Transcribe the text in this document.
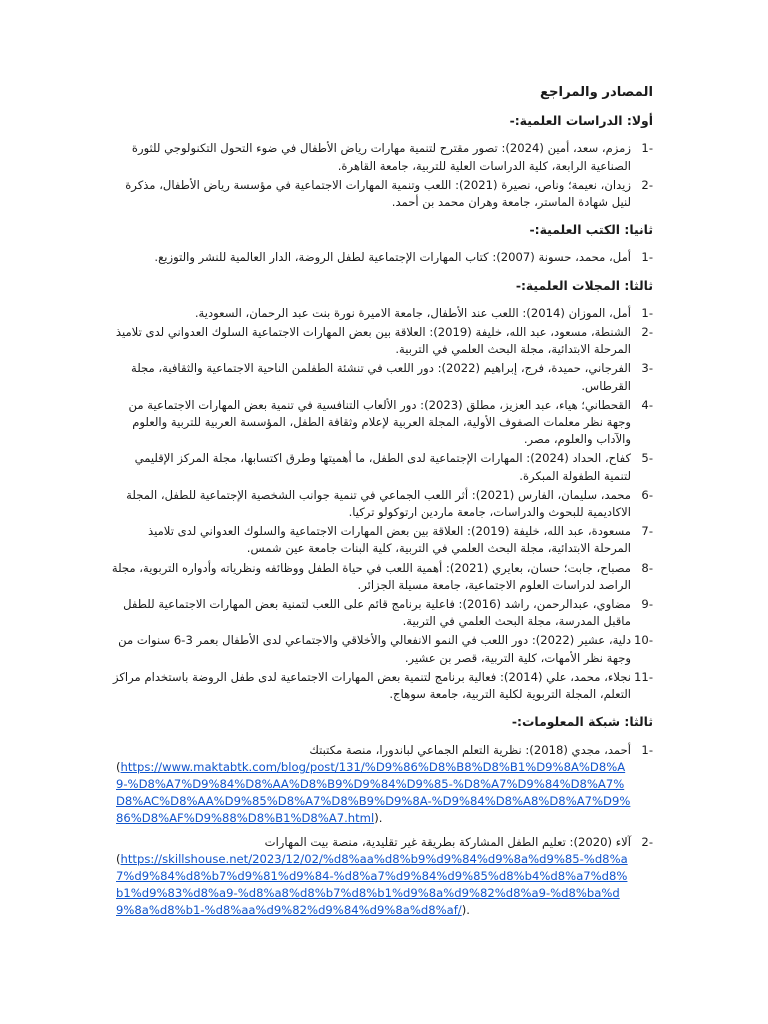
المصادر والمراجع
أولا: الدراسات العلمية:-
-1
زمزم، سعد، أمين (2024): تصور مقترح لتنمية مهارات رياض الأطفال في ضوء التحول التكنولوجي للثورة الصناعية الرابعة، كلية الدراسات العلية للتربية، جامعة القاهرة.
-2
زيدان، نعيمة؛ وناص، نصيرة (2021): اللعب وتنمية المهارات الاجتماعية في مؤسسة رياض الأطفال، مذكرة لنيل شهادة الماستر، جامعة وهران محمد بن أحمد.
ثانيا: الكتب العلمية:-
-1
أمل، محمد، حسونة (2007): كتاب المهارات الإجتماعية لطفل الروضة، الدار العالمية للنشر والتوزيع.
ثالثا: المجلات العلمية:-
-1
أمل، الموزان (2014): اللعب عند الأطفال، جامعة الاميرة نورة بنت عبد الرحمان، السعودية.
-2
الشنطة، مسعود، عبد الله، خليفة (2019): العلاقة بين بعض المهارات الاجتماعية السلوك العدواني لدى تلاميذ المرحلة الابتدائية، مجلة البحث العلمي في التربية.
-3
الفرجاني، حميدة، فرج، إبراهيم (2022): دور اللعب في تنشئة الطفلمن الناحية الاجتماعية والثقافية، مجلة القرطاس.
-4
القحطاني؛ هياء، عبد العزيز، مطلق (2023): دور الألعاب التنافسية في تنمية بعض المهارات الاجتماعية من وجهة نظر معلمات الصفوف الأولية، المجلة العربية لإعلام وثقافة الطفل، المؤسسة العربية للتربية والعلوم والآداب والعلوم، مصر.
-5
كفاح، الحداد (2024): المهارات الإجتماعية لدى الطفل، ما أهميتها وطرق اكتسابها، مجلة المركز الإقليمي لتنمية الطفولة المبكرة.
-6
محمد، سليمان، الفارس (2021): أثر اللعب الجماعي في تنمية جوانب الشخصية الإجتماعية للطفل، المجلة الاكاديمية للبحوث والدراسات، جامعة ماردين ارتوكولو تركيا.
-7
مسعودة، عبد الله، خليفة (2019): العلاقة بين بعض المهارات الاجتماعية والسلوك العدواني لدى تلاميذ المرحلة الابتدائية، مجلة البحث العلمي في التربية، كلية البنات جامعة عين شمس.
-8
مصباح، جابت؛ حسان، بعايري (2021): أهمية اللعب في حياة الطفل ووظائفه ونظرياته وأدواره التربوية، مجلة الراصد لدراسات العلوم الاجتماعية، جامعة مسيلة الجزائر.
-9
مضاوي، عبدالرحمن، راشد (2016): فاعلية برنامج قائم على اللعب لتمنية بعض المهارات الاجتماعية للطفل ماقبل المدرسة، مجلة البحث العلمي في التربية.
-10
دلية، عشير (2022): دور اللعب في النمو الانفعالي والأخلاقي والاجتماعي لدى الأطفال بعمر 3-6 سنوات من وجهة نظر الأمهات، كلية التربية، قصر بن عشير.
-11
نجلاء، محمد، علي (2014): فعالية برنامج لتنمية بعض المهارات الاجتماعية لدى طفل الروضة باستخدام مراكز التعلم، المجلة التربوية لكلية التربية، جامعة سوهاج.
ثالثا: شبكة المعلومات:-
-1
أحمد، مجدي (2018): نظرية التعلم الجماعي لباندورا، منصة مكتبتك
(https://www.maktabtk.com/blog/post/131/%D9%86%D8%B8%D8%B1%D9%8A%D8%A9-%D8%A7%D9%84%D8%AA%D8%B9%D9%84%D9%85-%D8%A7%D9%84%D8%A7%D8%AC%D8%AA%D9%85%D8%A7%D8%B9%D9%8A-%D9%84%D8%A8%D8%A7%D9%86%D8%AF%D9%88%D8%B1%D8%A7.html).
-2
آلاء (2020): تعليم الطفل المشاركة بطريقة غير تقليدية، منصة بيت المهارات
(https://skillshouse.net/2023/12/02/%d8%aa%d8%b9%d9%84%d9%8a%d9%85-%d8%a7%d9%84%d8%b7%d9%81%d9%84-%d8%a7%d9%84%d9%85%d8%b4%d8%a7%d8%b1%d9%83%d8%a9-%d8%a8%d8%b7%d8%b1%d9%8a%d9%82%d8%a9-%d8%ba%d9%8a%d8%b1-%d8%aa%d9%82%d9%84%d9%8a%d8%af/).
